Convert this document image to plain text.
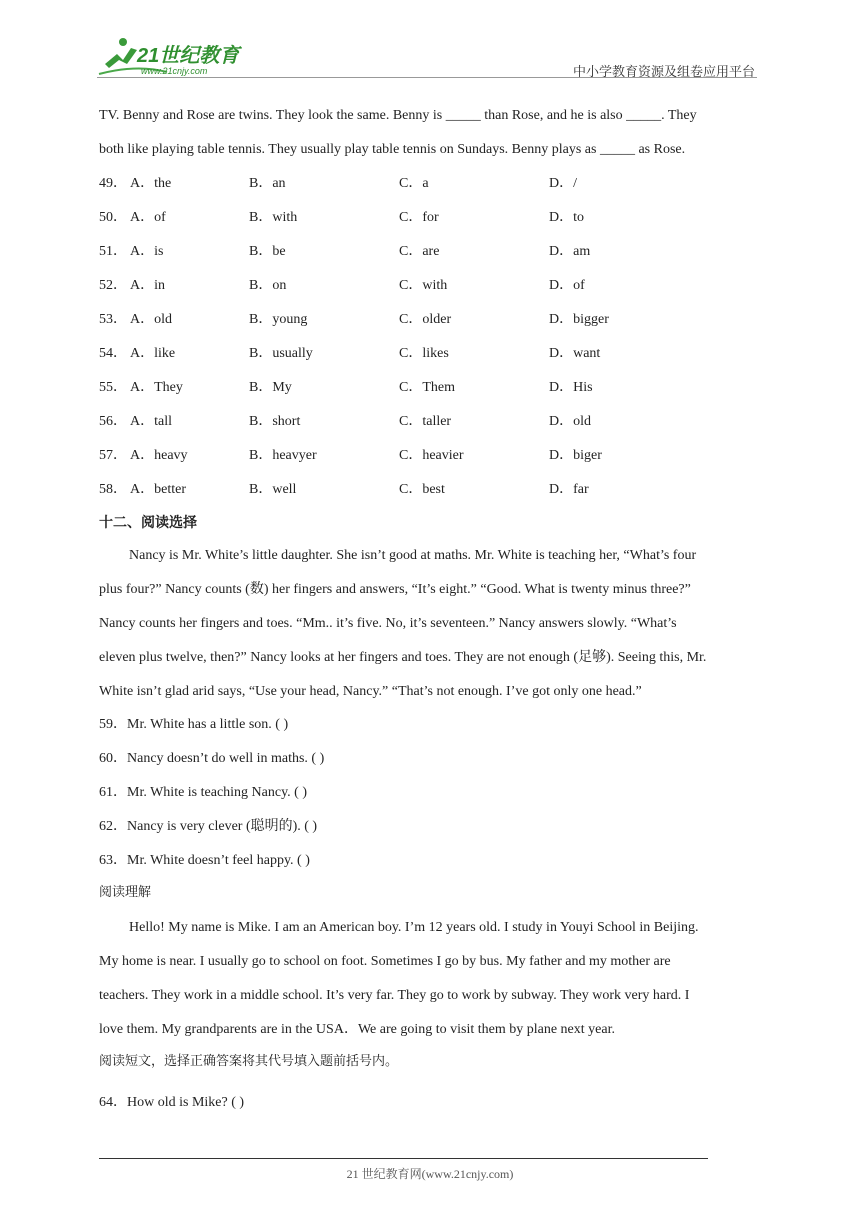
21世纪教育
www.21cnjy.com	中小学教育资源及组卷应用平台
TV. Benny and Rose are twins. They look the same. Benny is _____ than Rose, and he is also _____. They
both like playing table tennis. They usually play table tennis on Sundays. Benny plays as _____ as Rose.
49． A．the	B．an	C．a	D．/
50． A．of	B．with	C．for	D．to
51． A．is	B．be	C．are	D．am
52． A．in	B．on	C．with	D．of
53． A．old	B．young	C．older	D．bigger
54． A．like	B．usually	C．likes	D．want
55． A．They	B．My	C．Them	D．His
56． A．tall	B．short	C．taller	D．old
57． A．heavy	B．heavyer	C．heavier	D．biger
58． A．better	B．well	C．best	D．far
十二、阅读选择
Nancy is Mr. White’s little daughter. She isn’t good at maths. Mr. White is teaching her, “What’s four
plus four?” Nancy counts (数) her fingers and answers, “It’s eight.” “Good. What is twenty minus three?”
Nancy counts her fingers and toes. “Mm.. it’s five. No, it’s seventeen.” Nancy answers slowly. “What’s
eleven plus twelve, then?” Nancy looks at her fingers and toes. They are not enough (足够). Seeing this, Mr.
White isn’t glad arid says, “Use your head, Nancy.” “That’s not enough. I’ve got only one head.”
59．Mr. White has a little son. ( )
60．Nancy doesn’t do well in maths. ( )
61．Mr. White is teaching Nancy. ( )
62．Nancy is very clever (聪明的). ( )
63．Mr. White doesn’t feel happy. ( )
阅读理解
Hello! My name is Mike. I am an American boy. I’m 12 years old. I study in Youyi School in Beijing.
My home is near. I usually go to school on foot. Sometimes I go by bus. My father and my mother are
teachers. They work in a middle school. It’s very far. They go to work by subway. They work very hard. I
love them. My grandparents are in the USA．We are going to visit them by plane next year.
阅读短文，选择正确答案将其代号填入题前括号内。
64．How old is Mike? ( )
21 世纪教育网(www.21cnjy.com)
